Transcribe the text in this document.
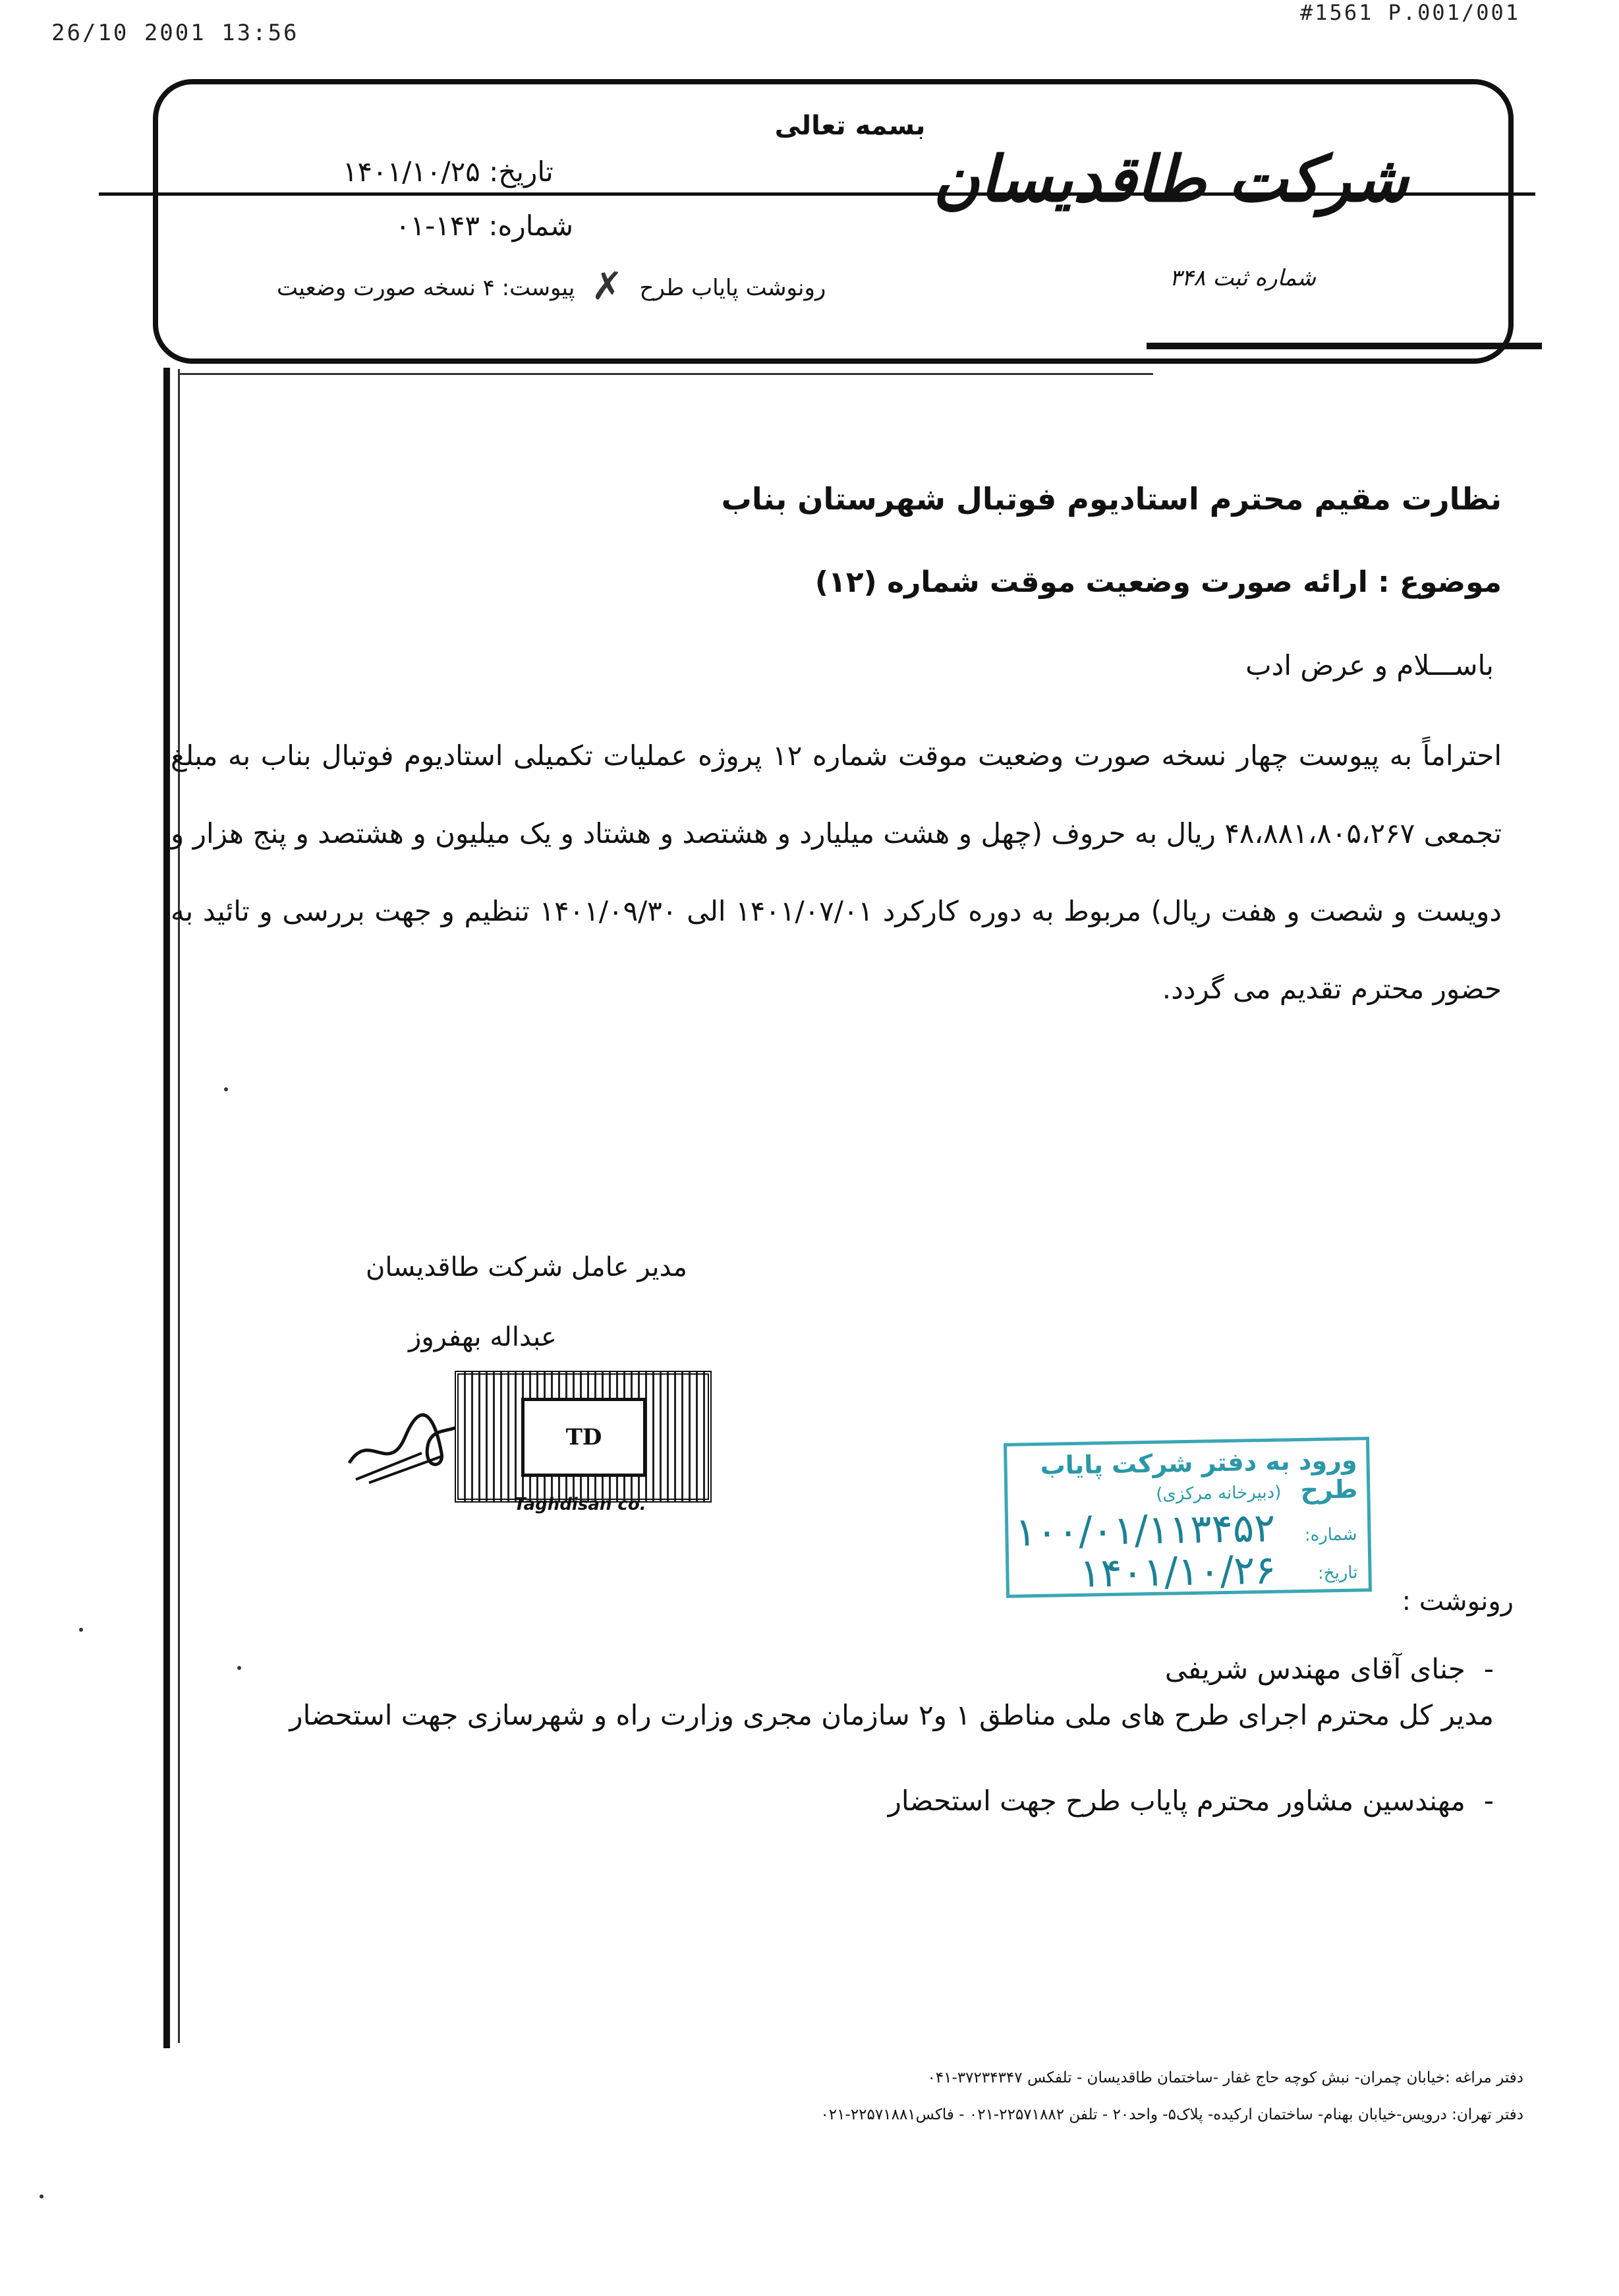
26/10 2001 13:56
#1561 P.001/001
بسمه تعالی
شرکت طاقدیسان
شماره ثبت ۳۴۸
تاریخ: ۱۴۰۱/۱۰/۲۵
شماره: ۱۴۳-۰۱
رونوشت پایاب طرح ✗ پیوست: ۴ نسخه صورت وضعیت
نظارت مقیم محترم استادیوم فوتبال شهرستان بناب
موضوع : ارائه صورت وضعیت موقت شماره (۱۲)
باســـلام و عرض ادب
احتراماً به پیوست چهار نسخه صورت وضعیت موقت شماره ۱۲ پروژه عملیات تکمیلی استادیوم فوتبال بناب به مبلغ تجمعی ۴۸،۸۸۱،۸۰۵،۲۶۷ ریال به حروف (چهل و هشت میلیارد و هشتصد و هشتاد و یک میلیون و هشتصد و پنج هزار و دویست و شصت و هفت ریال) مربوط به دوره کارکرد ۱۴۰۱/۰۷/۰۱ الی ۱۴۰۱/۰۹/۳۰ تنظیم و جهت بررسی و تائید به حضور محترم تقدیم می گردد.
مدیر عامل شرکت طاقدیسان
عبداله بهفروز
TD
Taghdisan co.
ورود به دفتر شرکت پایاب طرح
(دبیرخانه مرکزی)
شماره:
۱۰۰/۰۱/۱۱۳۴۵۲
تاریخ:
۱۴۰۱/۱۰/۲۶
رونوشت :
-جنای آقای مهندس شریفی
مدیر کل محترم اجرای طرح های ملی مناطق ۱ و۲ سازمان مجری وزارت راه و شهرسازی جهت استحضار
-مهندسین مشاور محترم پایاب طرح جهت استحضار
دفتر مراغه :خیابان چمران- نبش کوچه حاج غفار -ساختمان طاقدیسان - تلفکس ۳۷۲۳۴۳۴۷-۰۴۱
دفتر تهران: درویس-خیابان بهنام- ساختمان ارکیده- پلاک۵- واحد۲۰ - تلفن ۲۲۵۷۱۸۸۲-۰۲۱ - فاکس۲۲۵۷۱۸۸۱-۰۲۱
